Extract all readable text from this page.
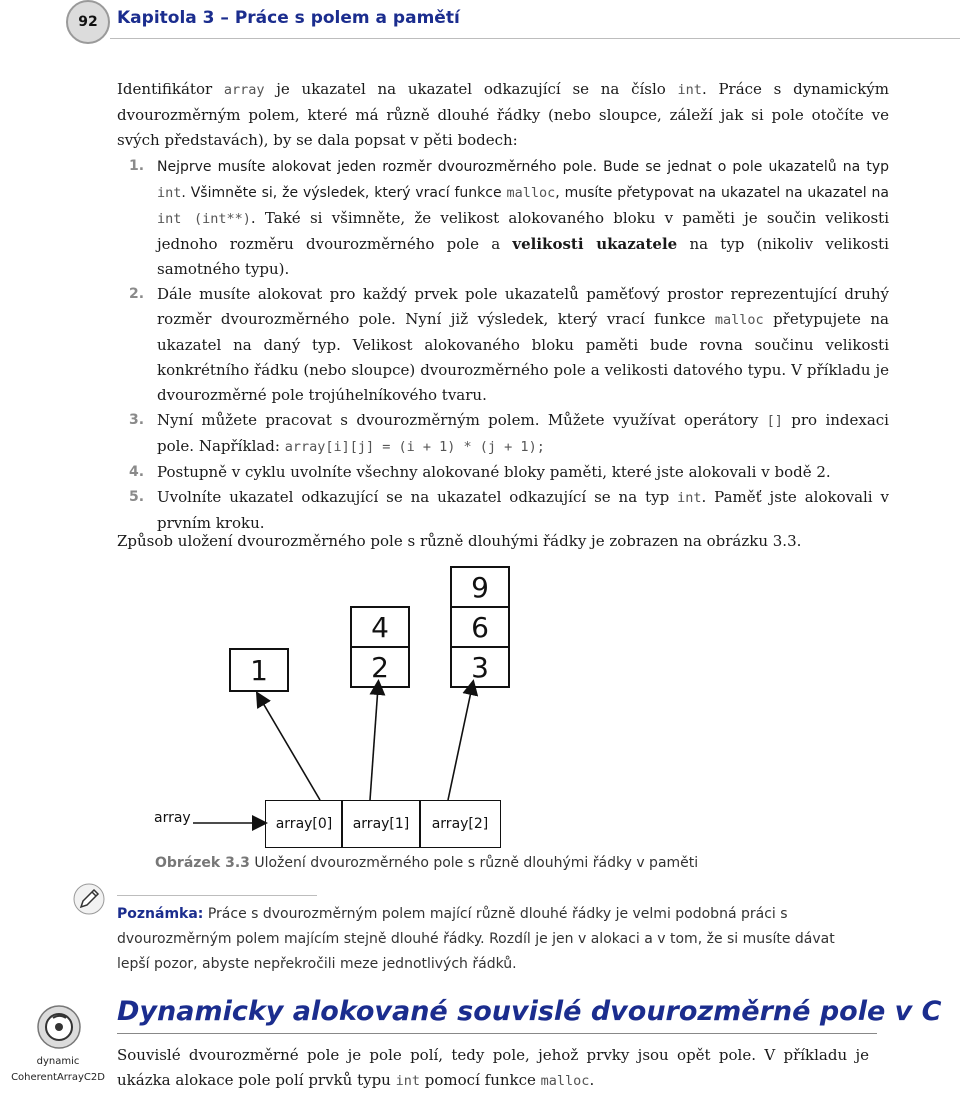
92 Kapitola 3 – Práce s polem a pamětí
Identifikátor array je ukazatel na ukazatel odkazující se na číslo int. Práce s dynamickým dvourozměrným polem, které má různě dlouhé řádky (nebo sloupce, záleží jak si pole otočíte ve svých představách), by se dala popsat v pěti bodech:
1. Nejprve musíte alokovat jeden rozměr dvourozměrného pole. Bude se jednat o pole ukazatelů na typ int. Všimněte si, že výsledek, který vrací funkce malloc, musíte přetypovat na ukazatel na ukazatel na int (int**). Také si všimněte, že velikost alokovaného bloku v paměti je součin velikosti jednoho rozměru dvourozměrného pole a velikosti ukazatele na typ (nikoliv velikosti samotného typu).
2. Dále musíte alokovat pro každý prvek pole ukazatelů paměťový prostor reprezentující druhý rozměr dvourozměrného pole. Nyní již výsledek, který vrací funkce malloc přetypujete na ukazatel na daný typ. Velikost alokovaného bloku paměti bude rovna součinu velikosti konkrétního řádku (nebo sloupce) dvourozměrného pole a velikosti datového typu. V příkladu je dvourozměrné pole trojúhelníkového tvaru.
3. Nyní můžete pracovat s dvourozměrným polem. Můžete využívat operátory [] pro indexaci pole. Například: array[i][j] = (i + 1) * (j + 1);
4. Postupně v cyklu uvolníte všechny alokované bloky paměti, které jste alokovali v bodě 2.
5. Uvolníte ukazatel odkazující se na ukazatel odkazující se na typ int. Paměť jste alokovali v prvním kroku.
Způsob uložení dvourozměrného pole s různě dlouhými řádky je zobrazen na obrázku 3.3.
1
4
2
9
6
3
array	array[0]	array[1]	array[2]
Obrázek 3.3 Uložení dvourozměrného pole s různě dlouhými řádky v paměti
Poznámka: Práce s dvourozměrným polem mající různě dlouhé řádky je velmi podobná práci s dvourozměrným polem majícím stejně dlouhé řádky. Rozdíl je jen v alokaci a v tom, že si musíte dávat lepší pozor, abyste nepřekročili meze jednotlivých řádků.
dynamic
CoherentArrayC2D
Dynamicky alokované souvislé dvourozměrné pole v C
Souvislé dvourozměrné pole je pole polí, tedy pole, jehož prvky jsou opět pole. V příkladu je ukázka alokace pole polí prvků typu int pomocí funkce malloc.
